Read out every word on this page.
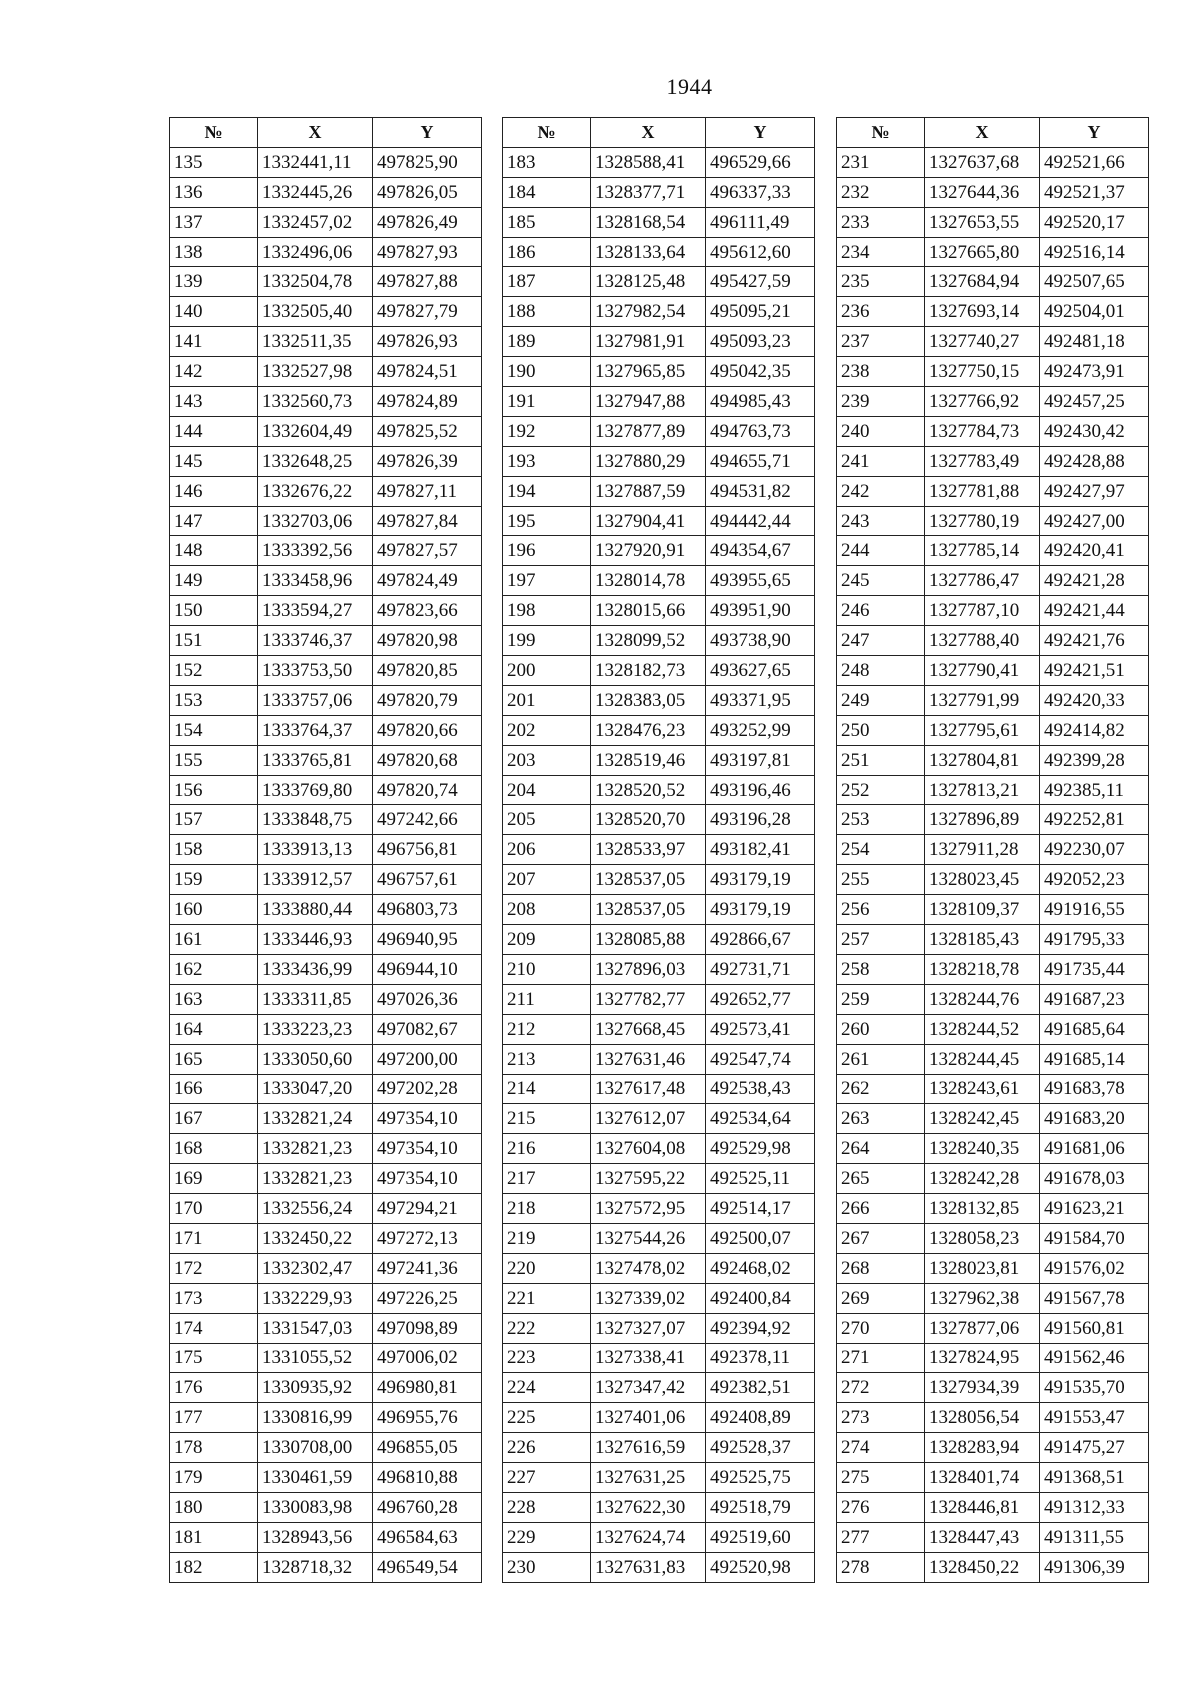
1944
№	X	Y
135	1332441,11	497825,90
136	1332445,26	497826,05
137	1332457,02	497826,49
138	1332496,06	497827,93
139	1332504,78	497827,88
140	1332505,40	497827,79
141	1332511,35	497826,93
142	1332527,98	497824,51
143	1332560,73	497824,89
144	1332604,49	497825,52
145	1332648,25	497826,39
146	1332676,22	497827,11
147	1332703,06	497827,84
148	1333392,56	497827,57
149	1333458,96	497824,49
150	1333594,27	497823,66
151	1333746,37	497820,98
152	1333753,50	497820,85
153	1333757,06	497820,79
154	1333764,37	497820,66
155	1333765,81	497820,68
156	1333769,80	497820,74
157	1333848,75	497242,66
158	1333913,13	496756,81
159	1333912,57	496757,61
160	1333880,44	496803,73
161	1333446,93	496940,95
162	1333436,99	496944,10
163	1333311,85	497026,36
164	1333223,23	497082,67
165	1333050,60	497200,00
166	1333047,20	497202,28
167	1332821,24	497354,10
168	1332821,23	497354,10
169	1332821,23	497354,10
170	1332556,24	497294,21
171	1332450,22	497272,13
172	1332302,47	497241,36
173	1332229,93	497226,25
174	1331547,03	497098,89
175	1331055,52	497006,02
176	1330935,92	496980,81
177	1330816,99	496955,76
178	1330708,00	496855,05
179	1330461,59	496810,88
180	1330083,98	496760,28
181	1328943,56	496584,63
182	1328718,32	496549,54
№	X	Y
183	1328588,41	496529,66
184	1328377,71	496337,33
185	1328168,54	496111,49
186	1328133,64	495612,60
187	1328125,48	495427,59
188	1327982,54	495095,21
189	1327981,91	495093,23
190	1327965,85	495042,35
191	1327947,88	494985,43
192	1327877,89	494763,73
193	1327880,29	494655,71
194	1327887,59	494531,82
195	1327904,41	494442,44
196	1327920,91	494354,67
197	1328014,78	493955,65
198	1328015,66	493951,90
199	1328099,52	493738,90
200	1328182,73	493627,65
201	1328383,05	493371,95
202	1328476,23	493252,99
203	1328519,46	493197,81
204	1328520,52	493196,46
205	1328520,70	493196,28
206	1328533,97	493182,41
207	1328537,05	493179,19
208	1328537,05	493179,19
209	1328085,88	492866,67
210	1327896,03	492731,71
211	1327782,77	492652,77
212	1327668,45	492573,41
213	1327631,46	492547,74
214	1327617,48	492538,43
215	1327612,07	492534,64
216	1327604,08	492529,98
217	1327595,22	492525,11
218	1327572,95	492514,17
219	1327544,26	492500,07
220	1327478,02	492468,02
221	1327339,02	492400,84
222	1327327,07	492394,92
223	1327338,41	492378,11
224	1327347,42	492382,51
225	1327401,06	492408,89
226	1327616,59	492528,37
227	1327631,25	492525,75
228	1327622,30	492518,79
229	1327624,74	492519,60
230	1327631,83	492520,98
№	X	Y
231	1327637,68	492521,66
232	1327644,36	492521,37
233	1327653,55	492520,17
234	1327665,80	492516,14
235	1327684,94	492507,65
236	1327693,14	492504,01
237	1327740,27	492481,18
238	1327750,15	492473,91
239	1327766,92	492457,25
240	1327784,73	492430,42
241	1327783,49	492428,88
242	1327781,88	492427,97
243	1327780,19	492427,00
244	1327785,14	492420,41
245	1327786,47	492421,28
246	1327787,10	492421,44
247	1327788,40	492421,76
248	1327790,41	492421,51
249	1327791,99	492420,33
250	1327795,61	492414,82
251	1327804,81	492399,28
252	1327813,21	492385,11
253	1327896,89	492252,81
254	1327911,28	492230,07
255	1328023,45	492052,23
256	1328109,37	491916,55
257	1328185,43	491795,33
258	1328218,78	491735,44
259	1328244,76	491687,23
260	1328244,52	491685,64
261	1328244,45	491685,14
262	1328243,61	491683,78
263	1328242,45	491683,20
264	1328240,35	491681,06
265	1328242,28	491678,03
266	1328132,85	491623,21
267	1328058,23	491584,70
268	1328023,81	491576,02
269	1327962,38	491567,78
270	1327877,06	491560,81
271	1327824,95	491562,46
272	1327934,39	491535,70
273	1328056,54	491553,47
274	1328283,94	491475,27
275	1328401,74	491368,51
276	1328446,81	491312,33
277	1328447,43	491311,55
278	1328450,22	491306,39
